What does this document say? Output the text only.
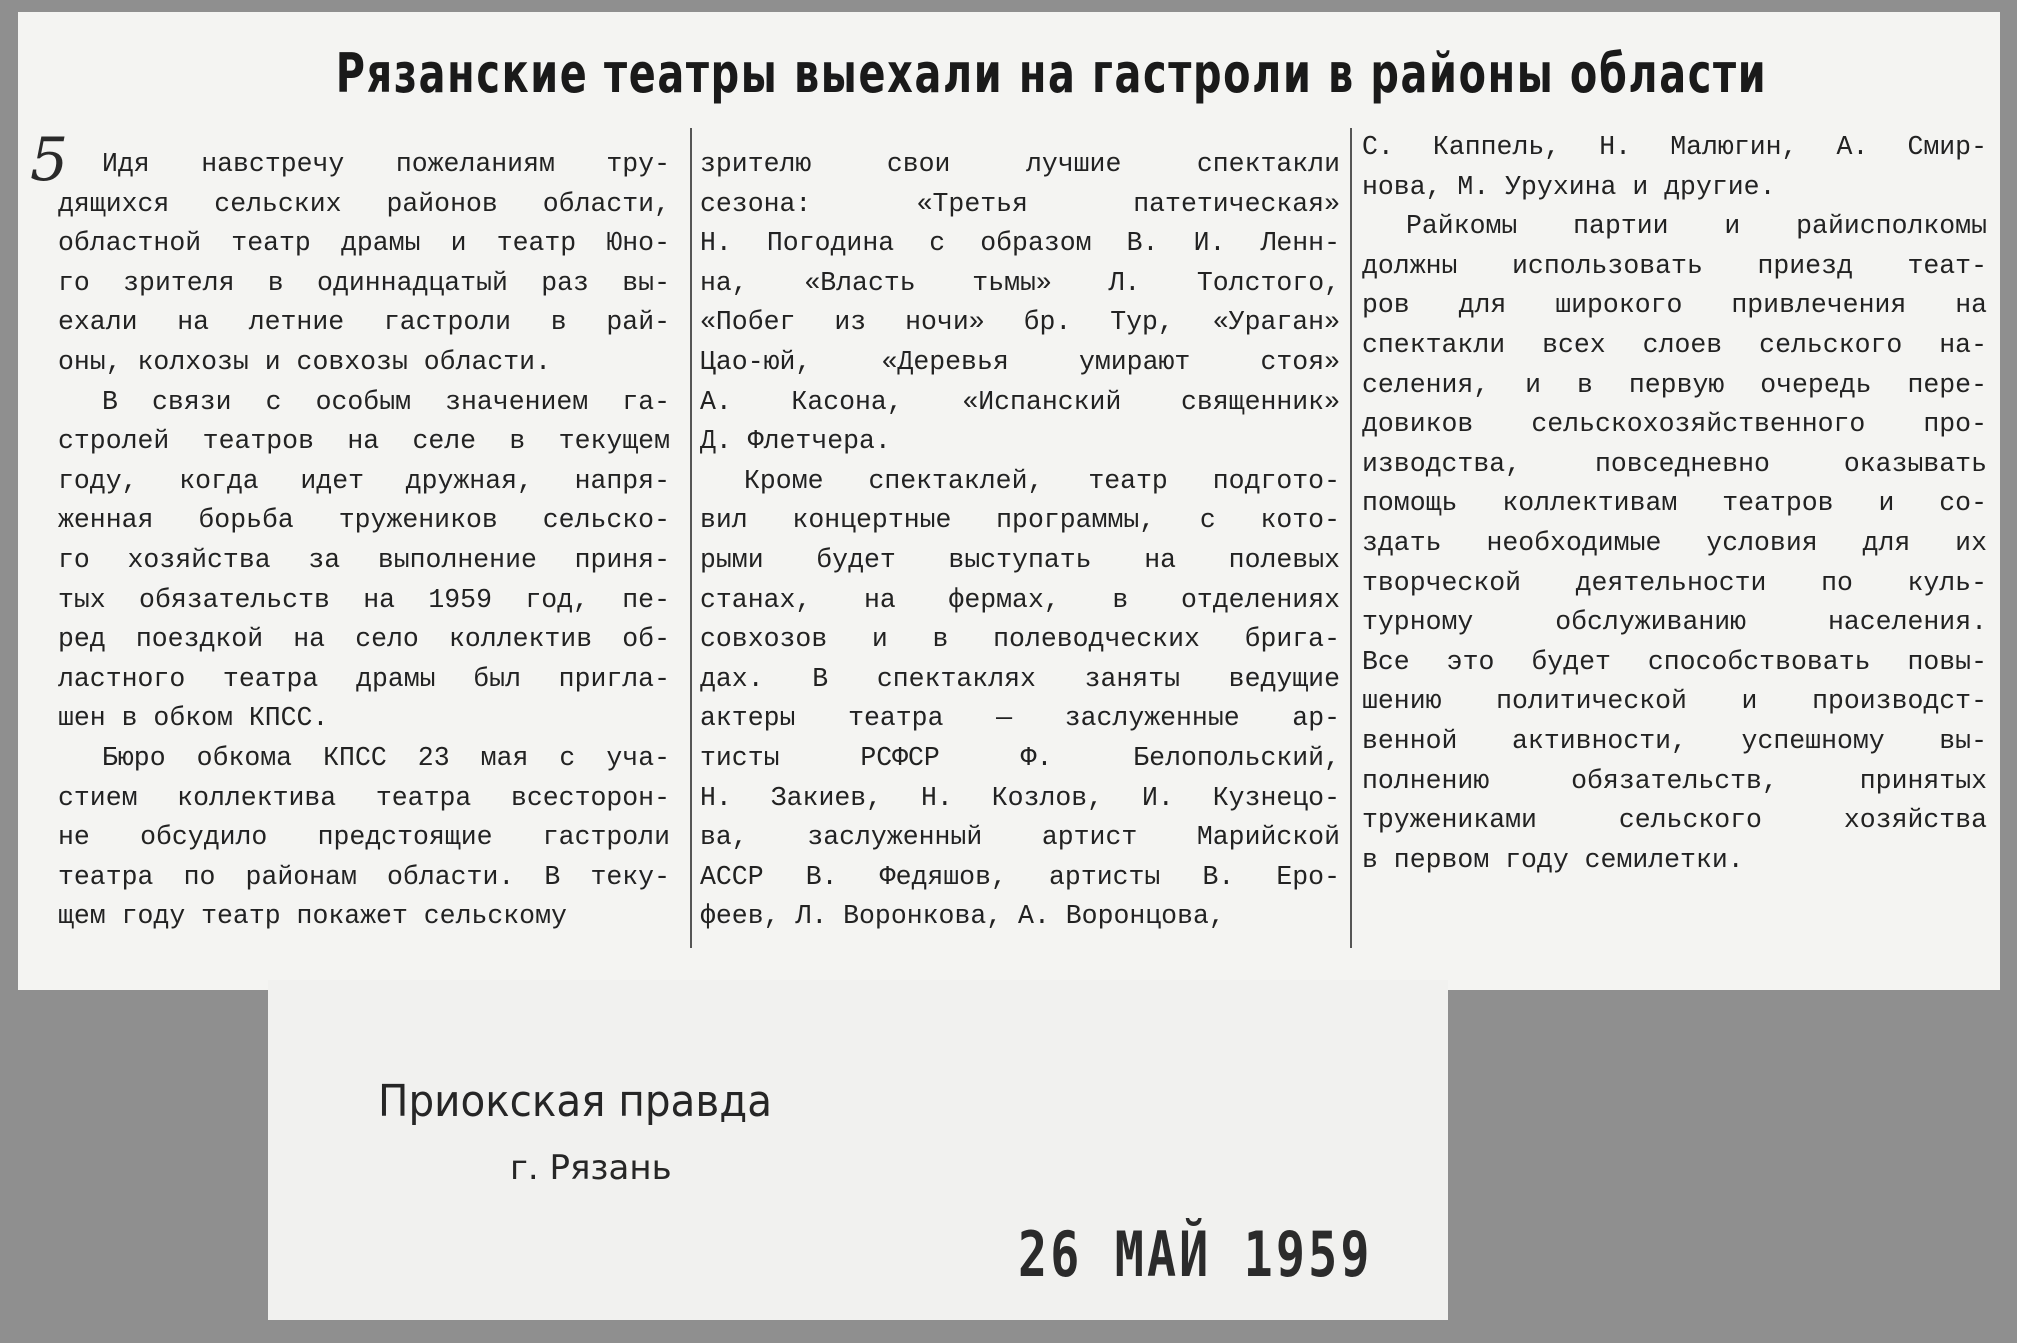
Рязанские театры выехали на гастроли в районы области
5	Идя навстречу пожеланиям тру-
дящихся сельских районов области,
областной театр драмы и театр Юно-
го зрителя в одиннадцатый раз вы-
ехали на летние гастроли в рай-
оны, колхозы и совхозы области.
В связи с особым значением га-
стролей театров на селе в текущем
году, когда идет дружная, напря-
женная борьба тружеников сельско-
го хозяйства за выполнение приня-
тых обязательств на 1959 год, пе-
ред поездкой на село коллектив об-
ластного театра драмы был пригла-
шен в обком КПСС.
Бюро обкома КПСС 23 мая с уча-
стием коллектива театра всесторон-
не обсудило предстоящие гастроли
театра по районам области. В теку-
щем году театр покажет сельскому
зрителю свои лучшие спектакли
сезона: «Третья патетическая»
Н. Погодина с образом В. И. Ленн-
на, «Власть тьмы» Л. Толстого,
«Побег из ночи» бр. Тур, «Ураган»
Цао-юй, «Деревья умирают стоя»
А. Касона, «Испанский священник»
Д. Флетчера.
Кроме спектаклей, театр подгото-
вил концертные программы, с кото-
рыми будет выступать на полевых
станах, на фермах, в отделениях
совхозов и в полеводческих брига-
дах. В спектаклях заняты ведущие
актеры театра — заслуженные ар-
тисты РСФСР Ф. Белопольский,
Н. Закиев, Н. Козлов, И. Кузнецо-
ва, заслуженный артист Марийской
АССР В. Федяшов, артисты В. Еро-
феев, Л. Воронкова, А. Воронцова,
С. Каппель, Н. Малюгин, А. Смир-
нова, М. Урухина и другие.
Райкомы партии и райисполкомы
должны использовать приезд теат-
ров для широкого привлечения на
спектакли всех слоев сельского на-
селения, и в первую очередь пере-
довиков сельскохозяйственного про-
изводства, повседневно оказывать
помощь коллективам театров и со-
здать необходимые условия для их
творческой деятельности по куль-
турному обслуживанию населения.
Все это будет способствовать повы-
шению политической и производст-
венной активности, успешному вы-
полнению обязательств, принятых
тружениками сельского хозяйства
в первом году семилетки.
Приокская правда
г. Рязань
26 МАЙ 1959
